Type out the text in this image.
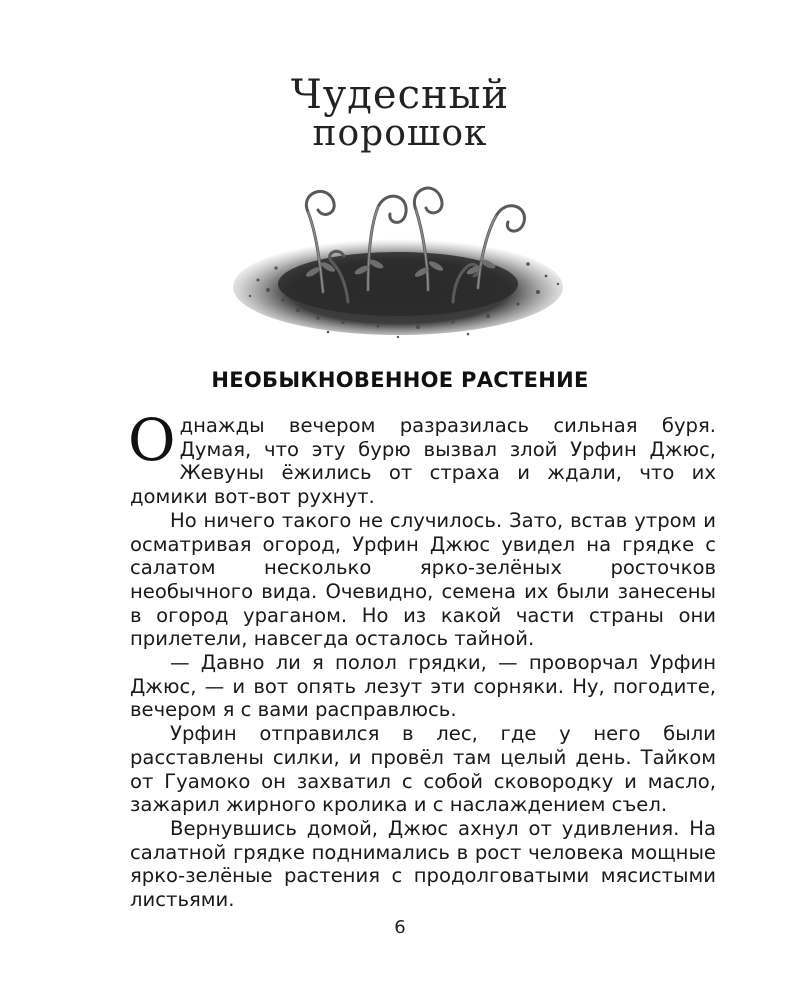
Чудесный
порошок
НЕОБЫКНОВЕННОЕ РАСТЕНИЕ

Однажды вечером разразилась сильная буря. Думая, что эту бурю вызвал злой Урфин Джюс, Жевуны ёжились от страха и ждали, что их домики вот-вот рухнут.

Но ничего такого не случилось. Зато, встав утром и осматривая огород, Урфин Джюс увидел на грядке с салатом несколько ярко-зелёных росточков необычного вида. Очевидно, семена их были занесены в огород ураганом. Но из какой части страны они прилетели, навсегда осталось тайной.

— Давно ли я полол грядки, — проворчал Урфин Джюс, — и вот опять лезут эти сорняки. Ну, погодите, вечером я с вами расправлюсь.

Урфин отправился в лес, где у него были расставлены силки, и провёл там целый день. Тайком от Гуамоко он захватил с собой сковородку и масло, зажарил жирного кролика и с наслаждением съел.

Вернувшись домой, Джюс ахнул от удивления. На салатной грядке поднимались в рост человека мощные ярко-зелёные растения с продолговатыми мясистыми листьями.

6
